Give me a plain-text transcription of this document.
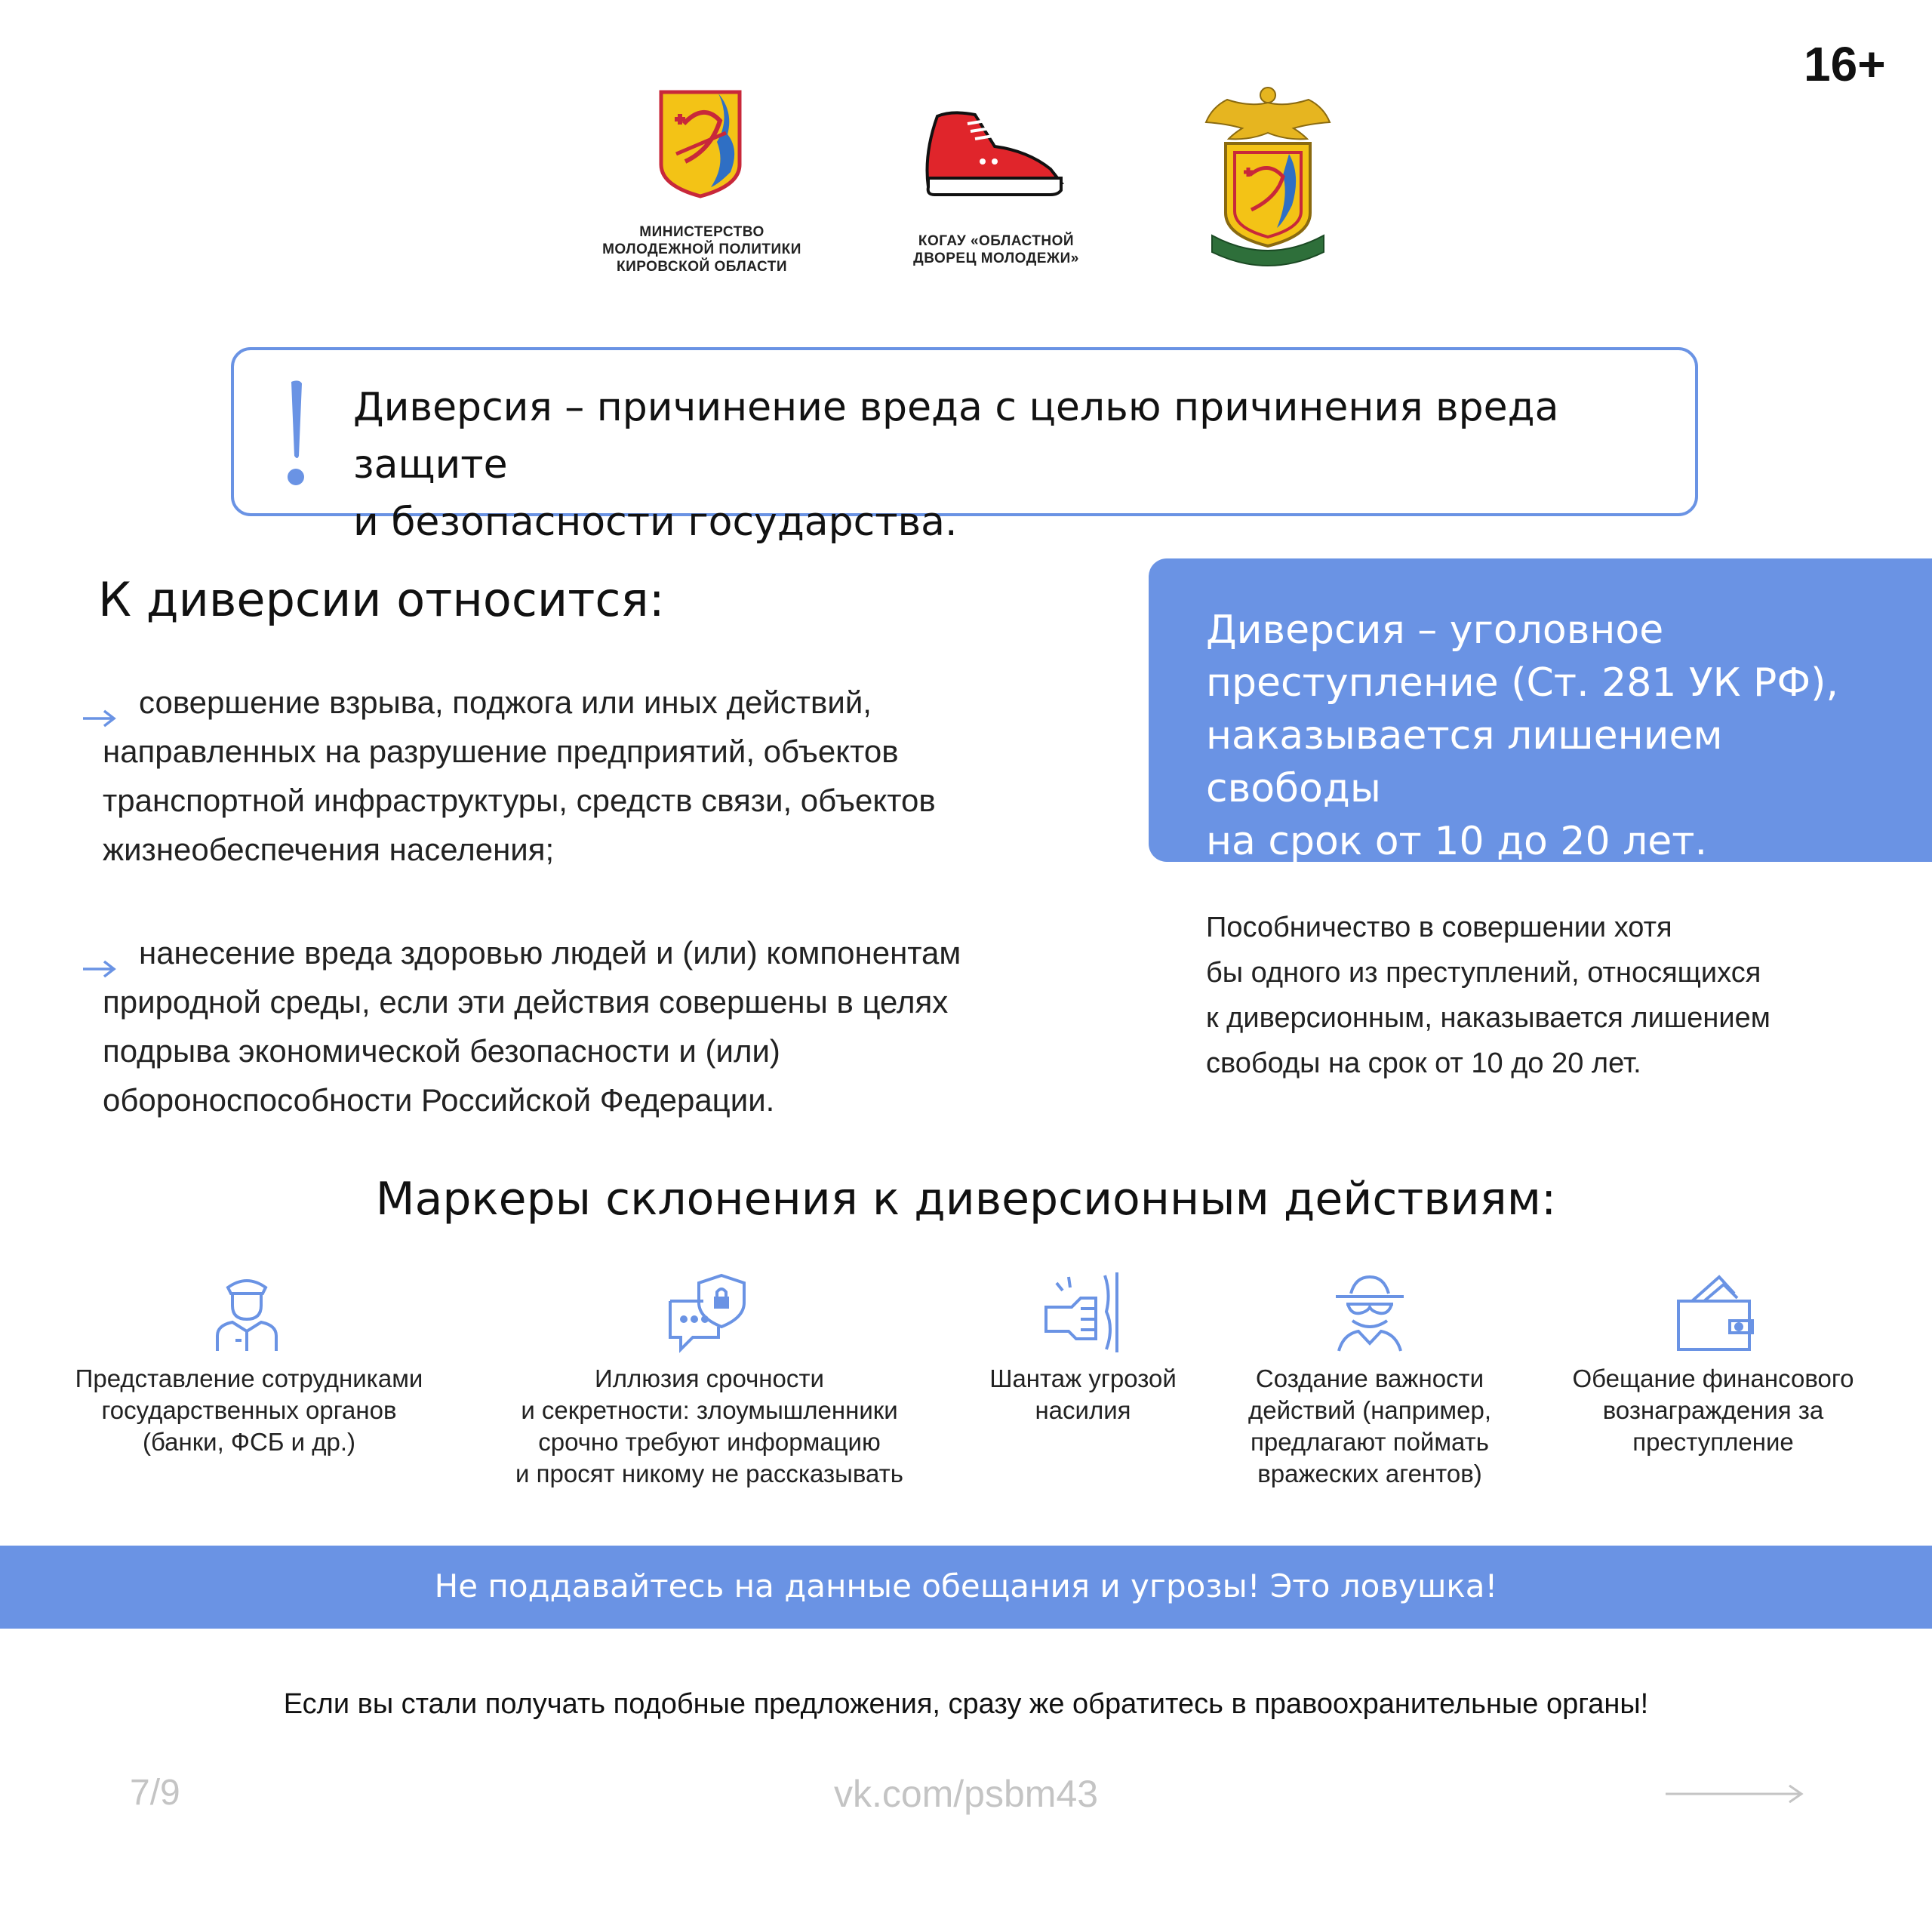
16+
МИНИСТЕРСТВО
МОЛОДЕЖНОЙ ПОЛИТИКИ
КИРОВСКОЙ ОБЛАСТИ
КОГАУ «ОБЛАСТНОЙ
ДВОРЕЦ МОЛОДЕЖИ»
Диверсия – причинение вреда с целью причинения вреда защите
и безопасности государства.
К диверсии относится:
совершение взрыва, поджога или иных действий,
направленных на разрушение предприятий, объектов
транспортной инфраструктуры, средств связи, объектов
жизнеобеспечения населения;
нанесение вреда здоровью людей и (или) компонентам
природной среды, если эти действия совершены в целях
подрыва экономической безопасности и (или)
обороноспособности Российской Федерации.
Диверсия – уголовное
преступление (Ст. 281 УК РФ),
наказывается лишением свободы
на срок от 10 до 20 лет.
Пособничество в совершении хотя
бы одного из преступлений, относящихся
к диверсионным, наказывается лишением
свободы на срок от 10 до 20 лет.
Маркеры склонения к диверсионным действиям:
Представление сотрудниками
государственных органов
(банки, ФСБ и др.)
Иллюзия срочности
и секретности: злоумышленники
срочно требуют информацию
и просят никому не рассказывать
Шантаж угрозой
насилия
Создание важности
действий (например,
предлагают поймать
вражеских агентов)
Обещание финансового
вознаграждения за
преступление
Не поддавайтесь на данные обещания и угрозы! Это ловушка!
Если вы стали получать подобные предложения, сразу же обратитесь в правоохранительные органы!
7/9	vk.com/psbm43
